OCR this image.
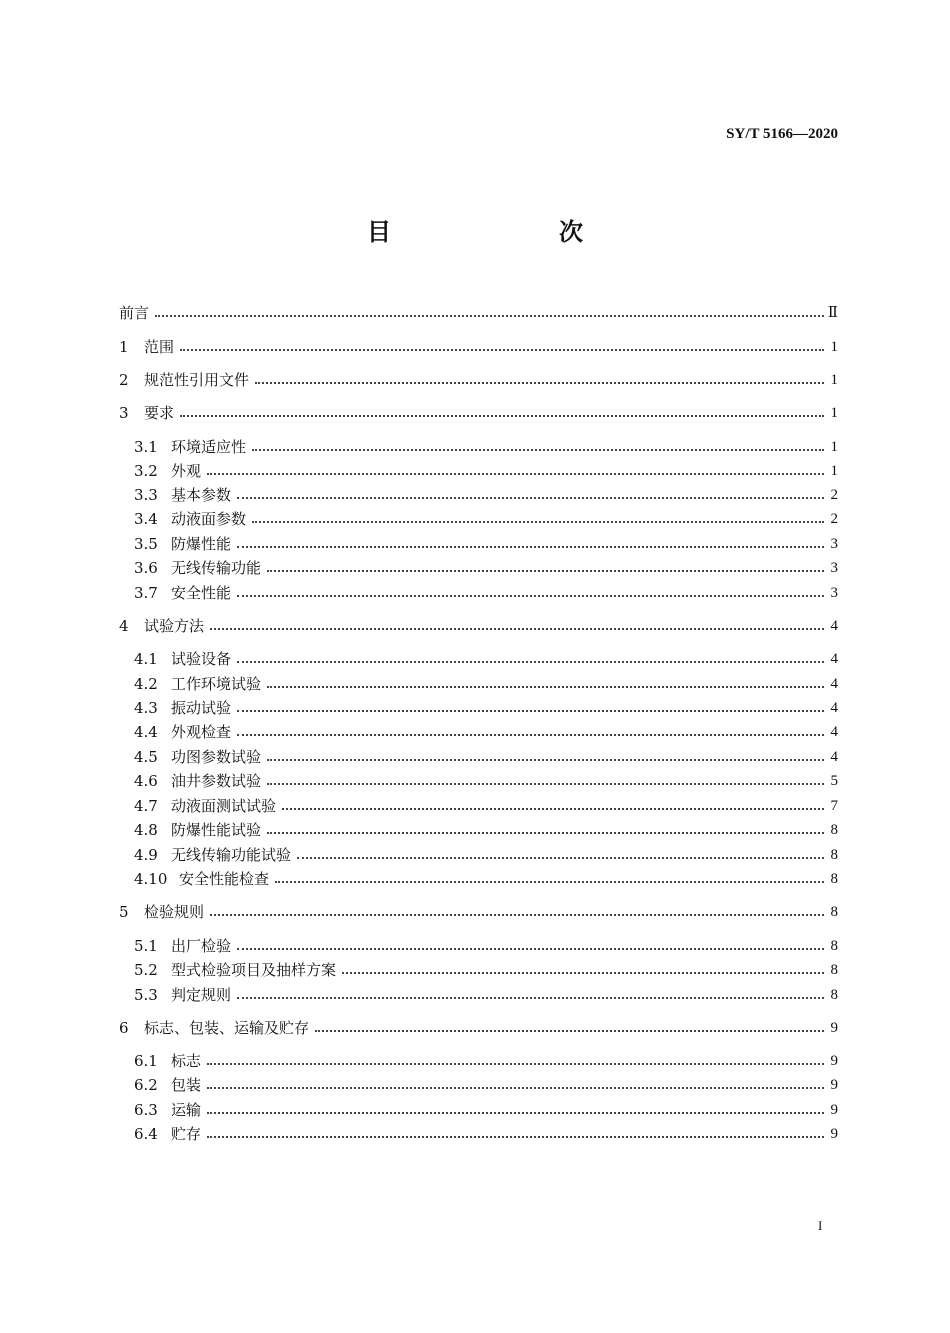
SY/T 5166—2020
目　　次
前言	Ⅱ
1	范围	1
2	规范性引用文件	1
3	要求	1
3.1 环境适应性	1
3.2 外观	1
3.3 基本参数	2
3.4 动液面参数	2
3.5 防爆性能	3
3.6 无线传输功能	3
3.7 安全性能	3
4	试验方法	4
4.1 试验设备	4
4.2 工作环境试验	4
4.3 振动试验	4
4.4 外观检查	4
4.5 功图参数试验	4
4.6 油井参数试验	5
4.7 动液面测试试验	7
4.8 防爆性能试验	8
4.9 无线传输功能试验	8
4.10 安全性能检查	8
5	检验规则	8
5.1 出厂检验	8
5.2 型式检验项目及抽样方案	8
5.3 判定规则	8
6	标志、包装、运输及贮存	9
6.1 标志	9
6.2 包装	9
6.3 运输	9
6.4 贮存	9
I
